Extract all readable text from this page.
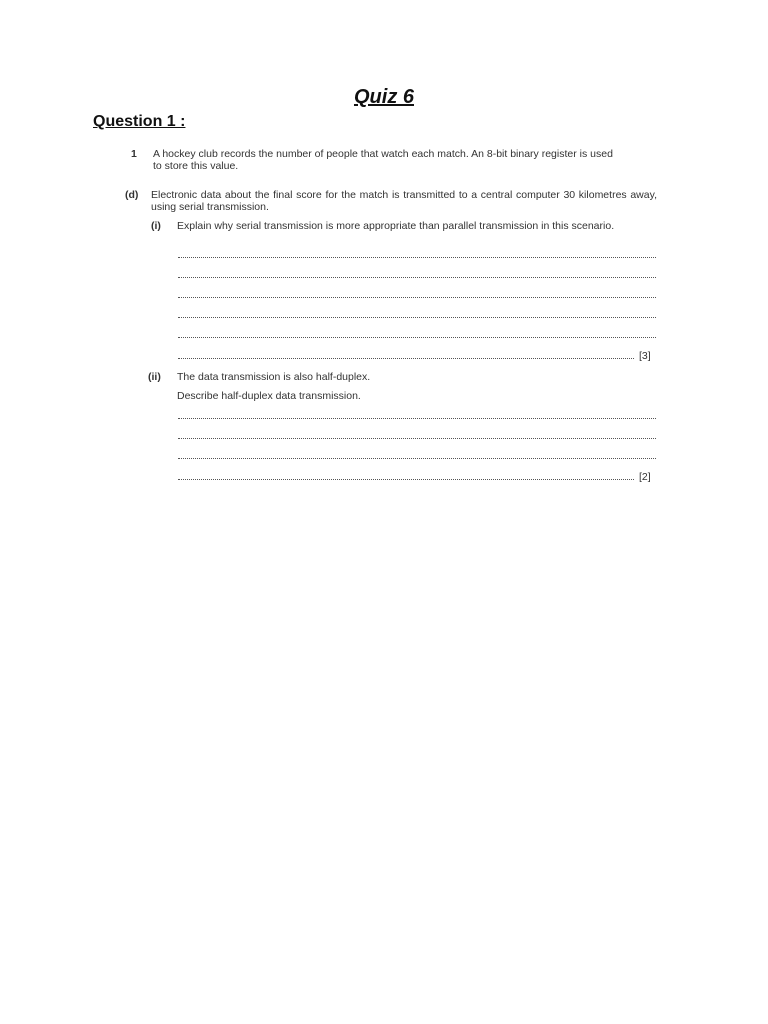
Quiz 6
Question 1 :
1 A hockey club records the number of people that watch each match. An 8-bit binary register is used to store this value.
(d) Electronic data about the final score for the match is transmitted to a central computer 30 kilometres away, using serial transmission.
(i) Explain why serial transmission is more appropriate than parallel transmission in this scenario.
[3]
(ii) The data transmission is also half-duplex.
Describe half-duplex data transmission.
[2]
